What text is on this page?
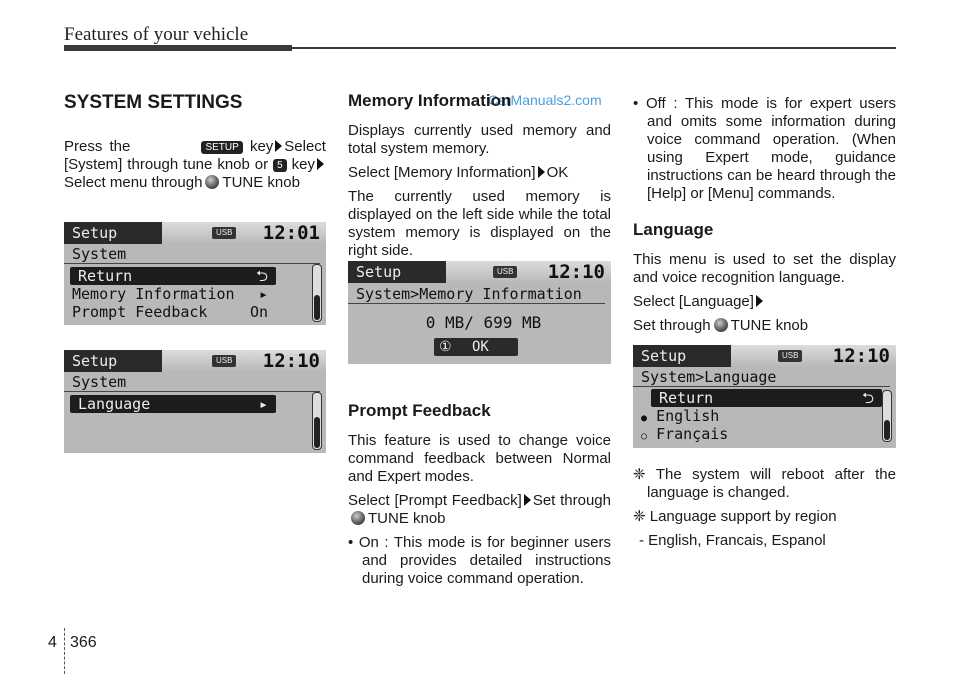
Features of your vehicle
CarManuals2.com
SYSTEM SETTINGS

Press the	SETUP key Select [System] through tune knob or 5 keySelect menu through TUNE knob

Setup	USB 12:01
System
Return	⮌
Memory Information ▸
Prompt Feedback	On
Setup	USB 12:10
System
Language	▸
Memory Information

Displays currently used memory and total system memory.

Select [Memory Information] OK

The currently used memory is displayed on the left side while the total system memory is displayed on the right side.

Setup	USB 12:10
System>Memory Information
0 MB/ 699 MB
① OK
Prompt Feedback

This feature is used to change voice command feedback between Normal and Expert modes.

Select [Prompt Feedback] Set throughTUNE knob

• On : This mode is for beginner users and provides detailed instructions during voice command operation.

• Off : This mode is for expert users and omits some information during voice command operation. (When using Expert mode, guidance instructions can be heard through the [Help] or [Menu] commands.

Language

This menu is used to set the display and voice recognition language.

Select [Language]

Set through TUNE knob

Setup	USB 12:10
System>Language
Return	⮌
● English
○ Français

❈ The system will reboot after the language is changed.

❈ Language support by region

- English, Francais, Espanol

4 366
